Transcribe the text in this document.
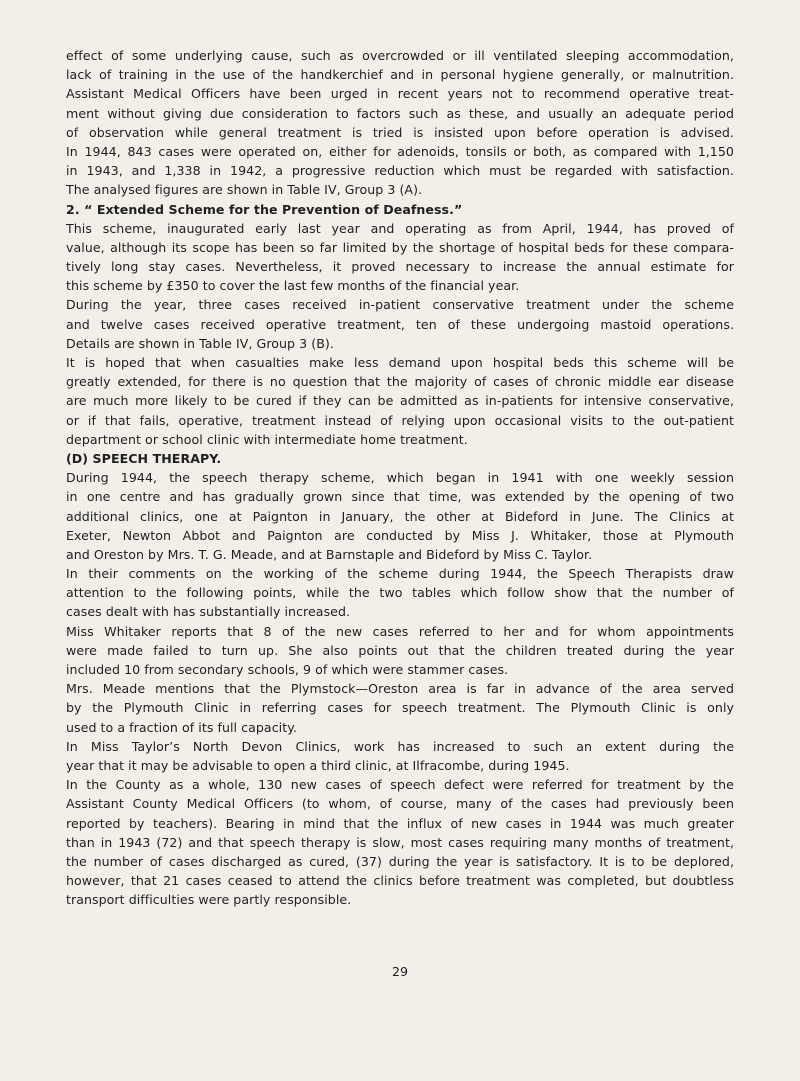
effect of some underlying cause, such as overcrowded or ill ventilated sleeping accommodation,
lack of training in the use of the handkerchief and in personal hygiene generally, or malnutrition.
Assistant Medical Officers have been urged in recent years not to recommend operative treat-
ment without giving due consideration to factors such as these, and usually an adequate period
of observation while general treatment is tried is insisted upon before operation is advised.
In 1944, 843 cases were operated on, either for adenoids, tonsils or both, as compared with 1,150
in 1943, and 1,338 in 1942, a progressive reduction which must be regarded with satisfaction.
The analysed figures are shown in Table IV, Group 3 (A).
2. “ Extended Scheme for the Prevention of Deafness.”
This scheme, inaugurated early last year and operating as from April, 1944, has proved of
value, although its scope has been so far limited by the shortage of hospital beds for these compara-
tively long stay cases. Nevertheless, it proved necessary to increase the annual estimate for
this scheme by £350 to cover the last few months of the financial year.
During the year, three cases received in-patient conservative treatment under the scheme
and twelve cases received operative treatment, ten of these undergoing mastoid operations.
Details are shown in Table IV, Group 3 (B).
It is hoped that when casualties make less demand upon hospital beds this scheme will be
greatly extended, for there is no question that the majority of cases of chronic middle ear disease
are much more likely to be cured if they can be admitted as in-patients for intensive conservative,
or if that fails, operative, treatment instead of relying upon occasional visits to the out-patient
department or school clinic with intermediate home treatment.
(D) SPEECH THERAPY.
During 1944, the speech therapy scheme, which began in 1941 with one weekly session
in one centre and has gradually grown since that time, was extended by the opening of two
additional clinics, one at Paignton in January, the other at Bideford in June. The Clinics at
Exeter, Newton Abbot and Paignton are conducted by Miss J. Whitaker, those at Plymouth
and Oreston by Mrs. T. G. Meade, and at Barnstaple and Bideford by Miss C. Taylor.
In their comments on the working of the scheme during 1944, the Speech Therapists draw
attention to the following points, while the two tables which follow show that the number of
cases dealt with has substantially increased.
Miss Whitaker reports that 8 of the new cases referred to her and for whom appointments
were made failed to turn up. She also points out that the children treated during the year
included 10 from secondary schools, 9 of which were stammer cases.
Mrs. Meade mentions that the Plymstock—Oreston area is far in advance of the area served
by the Plymouth Clinic in referring cases for speech treatment. The Plymouth Clinic is only
used to a fraction of its full capacity.
In Miss Taylor’s North Devon Clinics, work has increased to such an extent during the
year that it may be advisable to open a third clinic, at Ilfracombe, during 1945.
In the County as a whole, 130 new cases of speech defect were referred for treatment by the
Assistant County Medical Officers (to whom, of course, many of the cases had previously been
reported by teachers). Bearing in mind that the influx of new cases in 1944 was much greater
than in 1943 (72) and that speech therapy is slow, most cases requiring many months of treatment,
the number of cases discharged as cured, (37) during the year is satisfactory. It is to be deplored,
however, that 21 cases ceased to attend the clinics before treatment was completed, but doubtless
transport difficulties were partly responsible.
29
